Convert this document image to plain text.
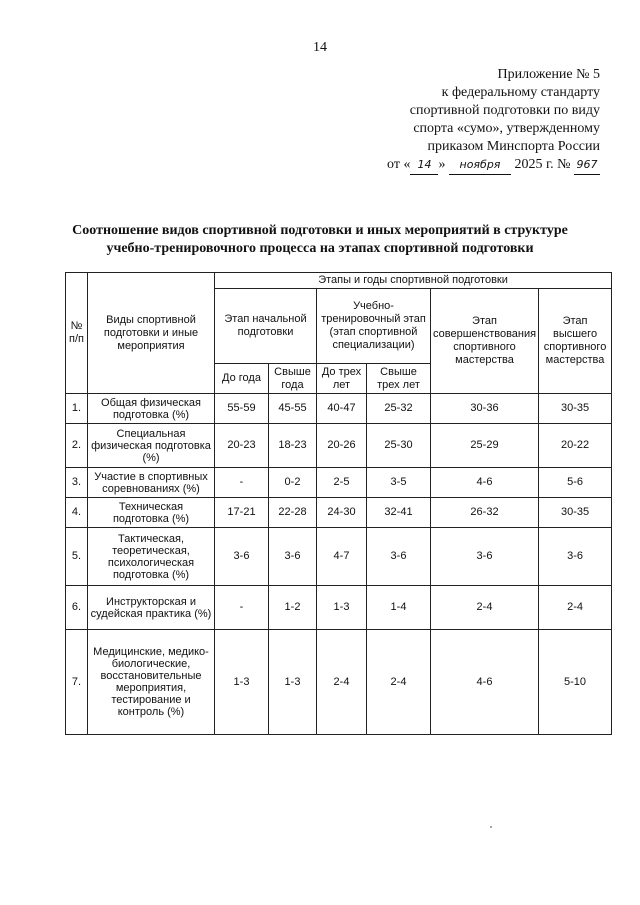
14
Приложение № 5
к федеральному стандарту
спортивной подготовки по виду
спорта «сумо», утвержденному
приказом Минспорта России
от « 14 » ноября 2025 г. № 967
Соотношение видов спортивной подготовки и иных мероприятий в структуре
учебно-тренировочного процесса на этапах спортивной подготовки
№ п/п	Виды спортивной подготовки и иные мероприятия	Этапы и годы спортивной подготовки					
		Этап начальной подготовки		Учебно-тренировочный этап (этап спортивной специализации)		Этап совершенствования спортивного мастерства	Этап высшего спортивного мастерства
		До года	Свыше года	До трех лет	Свыше трех лет		
1.	Общая физическая подготовка (%)	55-59	45-55	40-47	25-32	30-36	30-35
2.	Специальная физическая подготовка (%)	20-23	18-23	20-26	25-30	25-29	20-22
3.	Участие в спортивных соревнованиях (%)	-	0-2	2-5	3-5	4-6	5-6
4.	Техническая подготовка (%)	17-21	22-28	24-30	32-41	26-32	30-35
5.	Тактическая, теоретическая, психологическая подготовка (%)	3-6	3-6	4-7	3-6	3-6	3-6
6.	Инструкторская и судейская практика (%)	-	1-2	1-3	1-4	2-4	2-4
7.	Медицинские, медико-биологические, восстановительные мероприятия, тестирование и контроль (%)	1-3	1-3	2-4	2-4	4-6	5-10
